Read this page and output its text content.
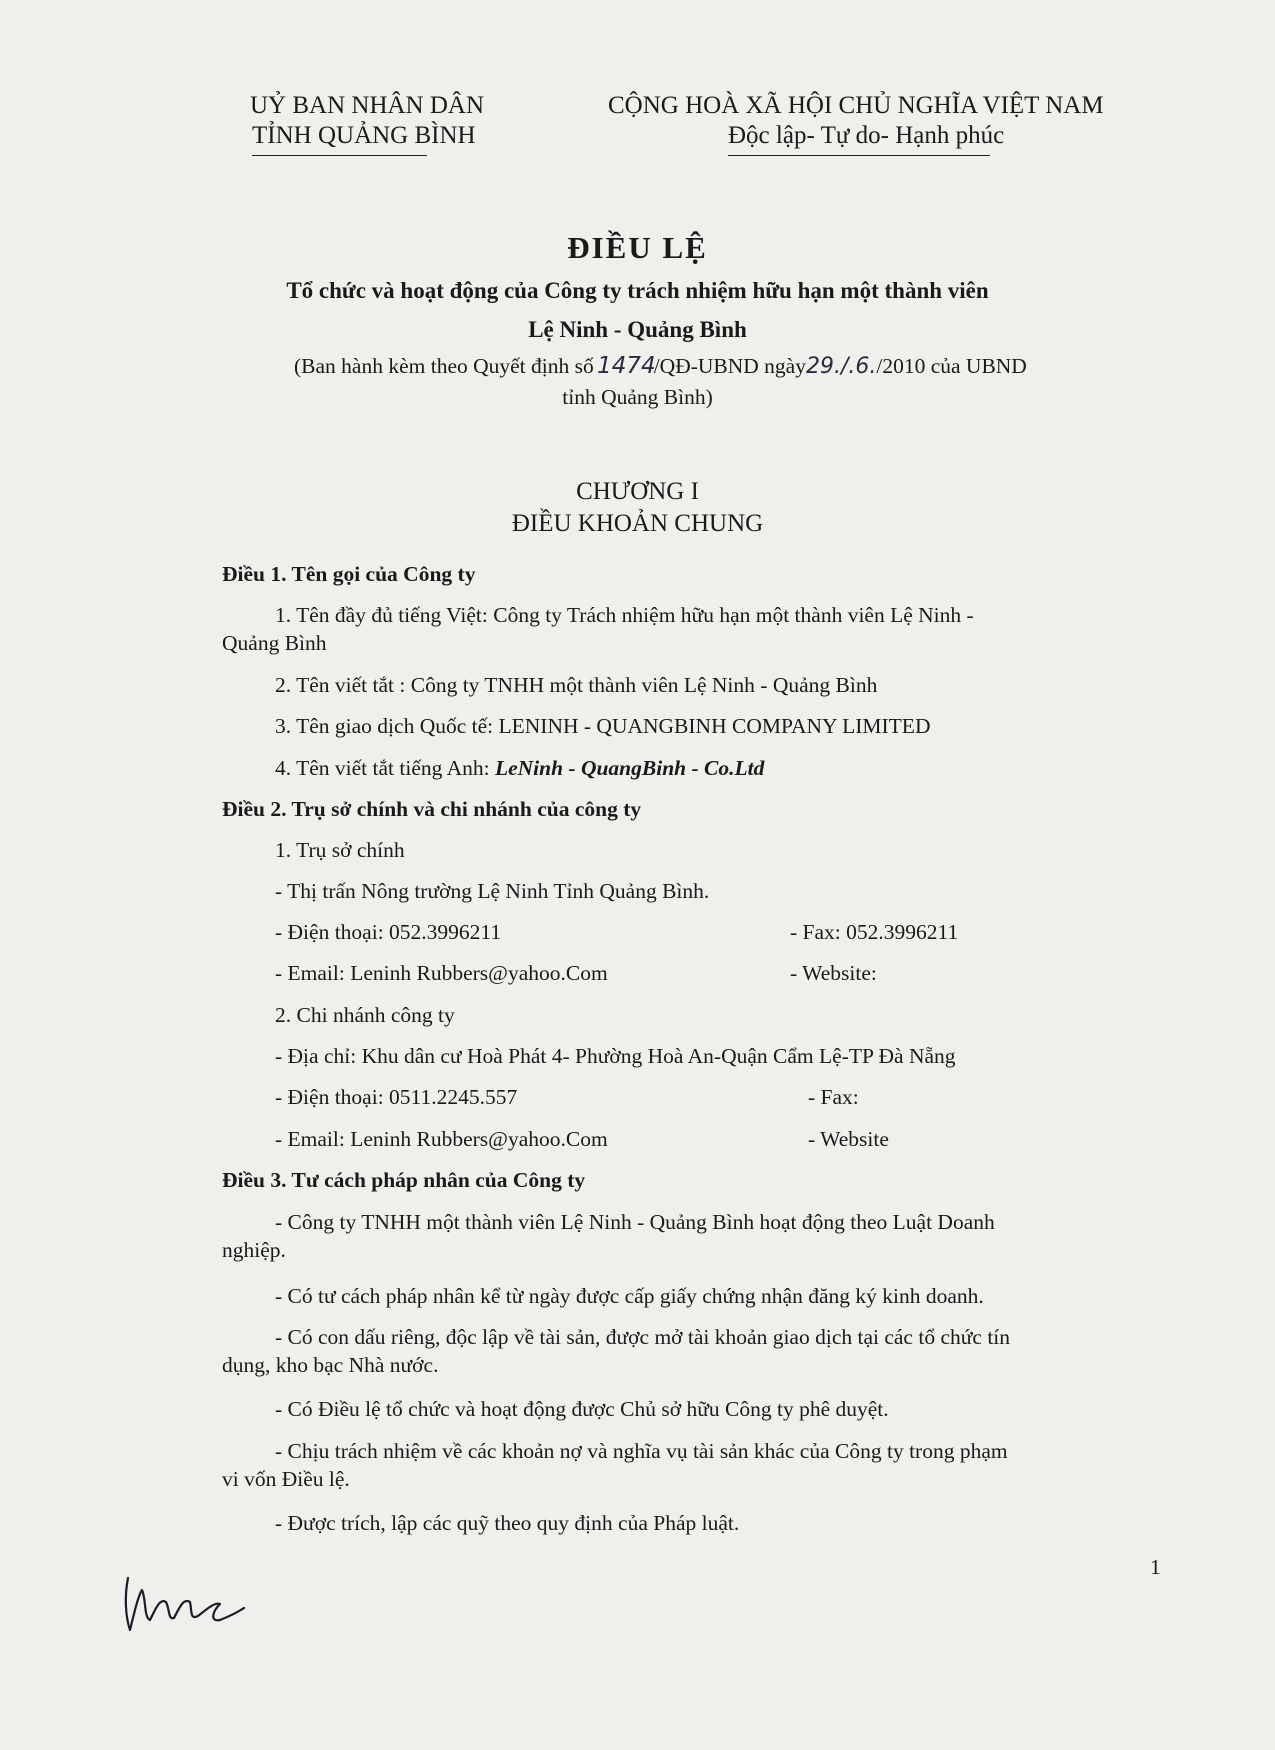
UỶ BAN NHÂN DÂN
TỈNH QUẢNG BÌNH
CỘNG HOÀ XÃ HỘI CHỦ NGHĨA VIỆT NAM
Độc lập- Tự do- Hạnh phúc
ĐIỀU LỆ
Tổ chức và hoạt động của Công ty trách nhiệm hữu hạn một thành viên
Lệ Ninh - Quảng Bình
(Ban hành kèm theo Quyết định số 1474/QĐ-UBND ngày29./.6./2010 của UBND
tỉnh Quảng Bình)
CHƯƠNG I
ĐIỀU KHOẢN CHUNG
Điều 1. Tên gọi của Công ty
1. Tên đầy đủ tiếng Việt: Công ty Trách nhiệm hữu hạn một thành viên Lệ Ninh -
Quảng Bình
2. Tên viết tắt : Công ty TNHH một thành viên Lệ Ninh - Quảng Bình
3. Tên giao dịch Quốc tế: LENINH - QUANGBINH COMPANY LIMITED
4. Tên viết tắt tiếng Anh: LeNinh - QuangBinh - Co.Ltd
Điều 2. Trụ sở chính và chi nhánh của công ty
1. Trụ sở chính
- Thị trấn Nông trường Lệ Ninh Tỉnh Quảng Bình.
- Điện thoại: 052.3996211	- Fax: 052.3996211
- Email: Leninh Rubbers@yahoo.Com	- Website:
2. Chi nhánh công ty
- Địa chỉ: Khu dân cư Hoà Phát 4- Phường Hoà An-Quận Cẩm Lệ-TP Đà Nẵng
- Điện thoại: 0511.2245.557	- Fax:
- Email: Leninh Rubbers@yahoo.Com	- Website
Điều 3. Tư cách pháp nhân của Công ty
- Công ty TNHH một thành viên Lệ Ninh - Quảng Bình hoạt động theo Luật Doanh
nghiệp.
- Có tư cách pháp nhân kể từ ngày được cấp giấy chứng nhận đăng ký kinh doanh.
- Có con dấu riêng, độc lập về tài sản, được mở tài khoản giao dịch tại các tổ chức tín
dụng, kho bạc Nhà nước.
- Có Điều lệ tổ chức và hoạt động được Chủ sở hữu Công ty phê duyệt.
- Chịu trách nhiệm về các khoản nợ và nghĩa vụ tài sản khác của Công ty trong phạm
vi vốn Điều lệ.
- Được trích, lập các quỹ theo quy định của Pháp luật.
1
